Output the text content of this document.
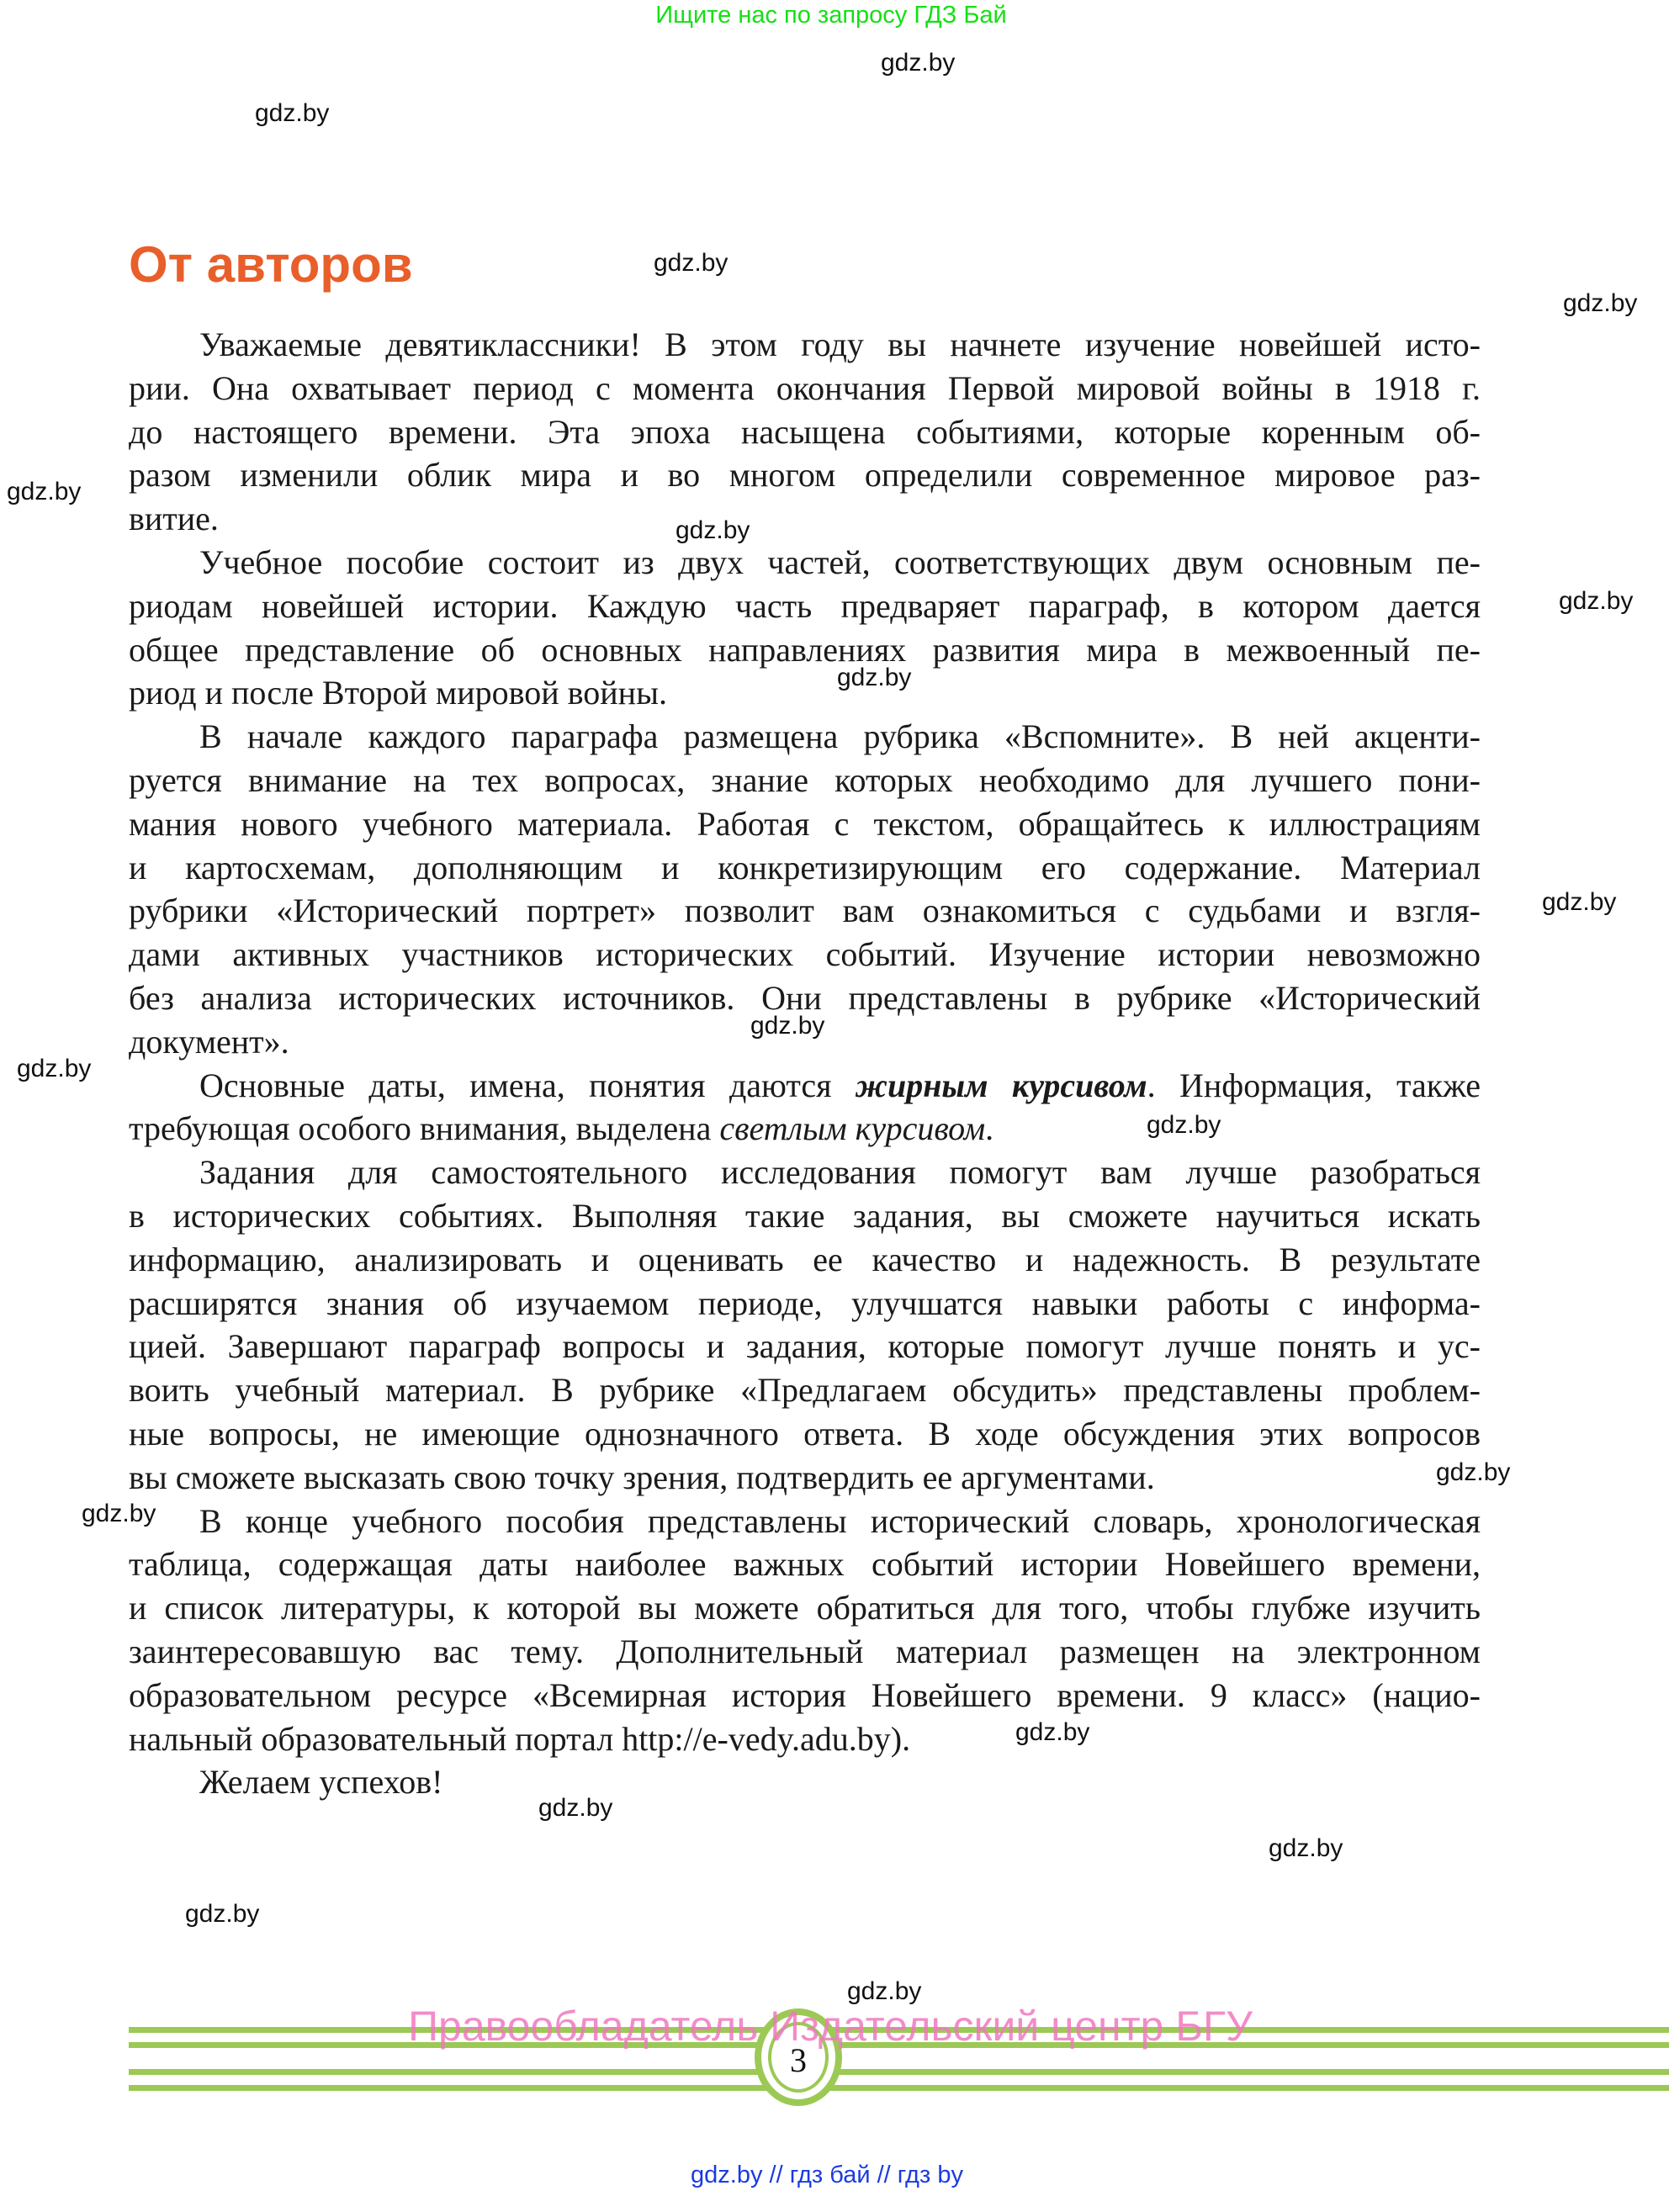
Ищите нас по запросу ГДЗ Бай
От авторов
Уважаемые девятиклассники! В этом году вы начнете изучение новейшей исто-
рии. Она охватывает период с момента окончания Первой мировой войны в 1918 г.
до настоящего времени. Эта эпоха насыщена событиями, которые коренным об-
разом изменили облик мира и во многом определили современное мировое раз-
витие.
Учебное пособие состоит из двух частей, соответствующих двум основным пе-
риодам новейшей истории. Каждую часть предваряет параграф, в котором дается
общее представление об основных направлениях развития мира в межвоенный пе-
риод и после Второй мировой войны.
В начале каждого параграфа размещена рубрика «Вспомните». В ней акценти-
руется внимание на тех вопросах, знание которых необходимо для лучшего пони-
мания нового учебного материала. Работая с текстом, обращайтесь к иллюстрациям
и картосхемам, дополняющим и конкретизирующим его содержание. Материал
рубрики «Исторический портрет» позволит вам ознакомиться с судьбами и взгля-
дами активных участников исторических событий. Изучение истории невозможно
без анализа исторических источников. Они представлены в рубрике «Исторический
документ».
Основные даты, имена, понятия даются жирным курсивом. Информация, также
требующая особого внимания, выделена светлым курсивом.
Задания для самостоятельного исследования помогут вам лучше разобраться
в исторических событиях. Выполняя такие задания, вы сможете научиться искать
информацию, анализировать и оценивать ее качество и надежность. В результате
расширятся знания об изучаемом периоде, улучшатся навыки работы с информа-
цией. Завершают параграф вопросы и задания, которые помогут лучше понять и ус-
воить учебный материал. В рубрике «Предлагаем обсудить» представлены проблем-
ные вопросы, не имеющие однозначного ответа. В ходе обсуждения этих вопросов
вы сможете высказать свою точку зрения, подтвердить ее аргументами.
В конце учебного пособия представлены исторический словарь, хронологическая
таблица, содержащая даты наиболее важных событий истории Новейшего времени,
и список литературы, к которой вы можете обратиться для того, чтобы глубже изучить
заинтересовавшую вас тему. Дополнительный материал размещен на электронном
образовательном ресурсе «Всемирная история Новейшего времени. 9 класс» (нацио-
нальный образовательный портал http://e-vedy.adu.by).
Желаем успехов!
3
Правообладатель Издательский центр БГУ
gdz.by // гдз бай // гдз by
gdz.by
gdz.by
gdz.by
gdz.by
gdz.by
gdz.by
gdz.by
gdz.by
gdz.by
gdz.by
gdz.by
gdz.by
gdz.by
gdz.by
gdz.by
gdz.by
gdz.by
gdz.by
gdz.by
